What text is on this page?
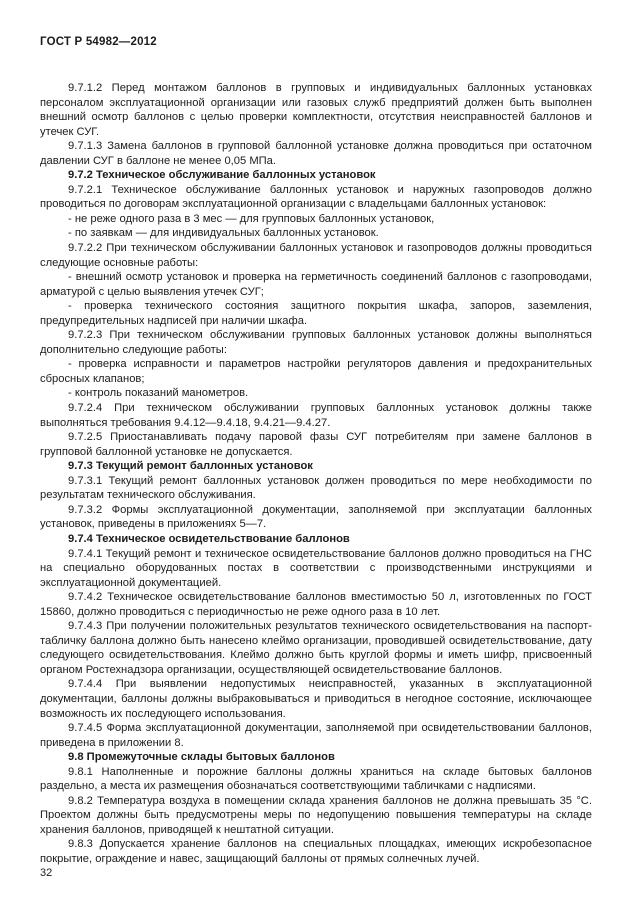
ГОСТ Р 54982—2012

9.7.1.2 Перед монтажом баллонов в групповых и индивидуальных баллонных установках персоналом эксплуатационной организации или газовых служб предприятий должен быть выполнен внешний осмотр баллонов с целью проверки комплектности, отсутствия неисправностей баллонов и утечек СУГ.

9.7.1.3 Замена баллонов в групповой баллонной установке должна проводиться при остаточном давлении СУГ в баллоне не менее 0,05 МПа.

9.7.2 Техническое обслуживание баллонных установок

9.7.2.1 Техническое обслуживание баллонных установок и наружных газопроводов должно проводиться по договорам эксплуатационной организации с владельцами баллонных установок:

- не реже одного раза в 3 мес — для групповых баллонных установок,

- по заявкам — для индивидуальных баллонных установок.

9.7.2.2 При техническом обслуживании баллонных установок и газопроводов должны проводиться следующие основные работы:

- внешний осмотр установок и проверка на герметичность соединений баллонов с газопроводами, арматурой с целью выявления утечек СУГ;

- проверка технического состояния защитного покрытия шкафа, запоров, заземления, предупредительных надписей при наличии шкафа.

9.7.2.3 При техническом обслуживании групповых баллонных установок должны выполняться дополнительно следующие работы:

- проверка исправности и параметров настройки регуляторов давления и предохранительных сбросных клапанов;

- контроль показаний манометров.

9.7.2.4 При техническом обслуживании групповых баллонных установок должны также выполняться требования 9.4.12—9.4.18, 9.4.21—9.4.27.

9.7.2.5 Приостанавливать подачу паровой фазы СУГ потребителям при замене баллонов в групповой баллонной установке не допускается.

9.7.3 Текущий ремонт баллонных установок

9.7.3.1 Текущий ремонт баллонных установок должен проводиться по мере необходимости по результатам технического обслуживания.

9.7.3.2 Формы эксплуатационной документации, заполняемой при эксплуатации баллонных установок, приведены в приложениях 5—7.

9.7.4 Техническое освидетельствование баллонов

9.7.4.1 Текущий ремонт и техническое освидетельствование баллонов должно проводиться на ГНС на специально оборудованных постах в соответствии с производственными инструкциями и эксплуатационной документацией.

9.7.4.2 Техническое освидетельствование баллонов вместимостью 50 л, изготовленных по ГОСТ 15860, должно проводиться с периодичностью не реже одного раза в 10 лет.

9.7.4.3 При получении положительных результатов технического освидетельствования на паспорт-табличку баллона должно быть нанесено клеймо организации, проводившей освидетельствование, дату следующего освидетельствования. Клеймо должно быть круглой формы и иметь шифр, присвоенный органом Ростехнадзора организации, осуществляющей освидетельствование баллонов.

9.7.4.4 При выявлении недопустимых неисправностей, указанных в эксплуатационной документации, баллоны должны выбраковываться и приводиться в негодное состояние, исключающее возможность их последующего использования.

9.7.4.5 Форма эксплуатационной документации, заполняемой при освидетельствовании баллонов, приведена в приложении 8.

9.8 Промежуточные склады бытовых баллонов

9.8.1 Наполненные и порожние баллоны должны храниться на складе бытовых баллонов раздельно, а места их размещения обозначаться соответствующими табличками с надписями.

9.8.2 Температура воздуха в помещении склада хранения баллонов не должна превышать 35 °С. Проектом должны быть предусмотрены меры по недопущению повышения температуры на складе хранения баллонов, приводящей к нештатной ситуации.

9.8.3 Допускается хранение баллонов на специальных площадках, имеющих искробезопасное покрытие, ограждение и навес, защищающий баллоны от прямых солнечных лучей.

32
